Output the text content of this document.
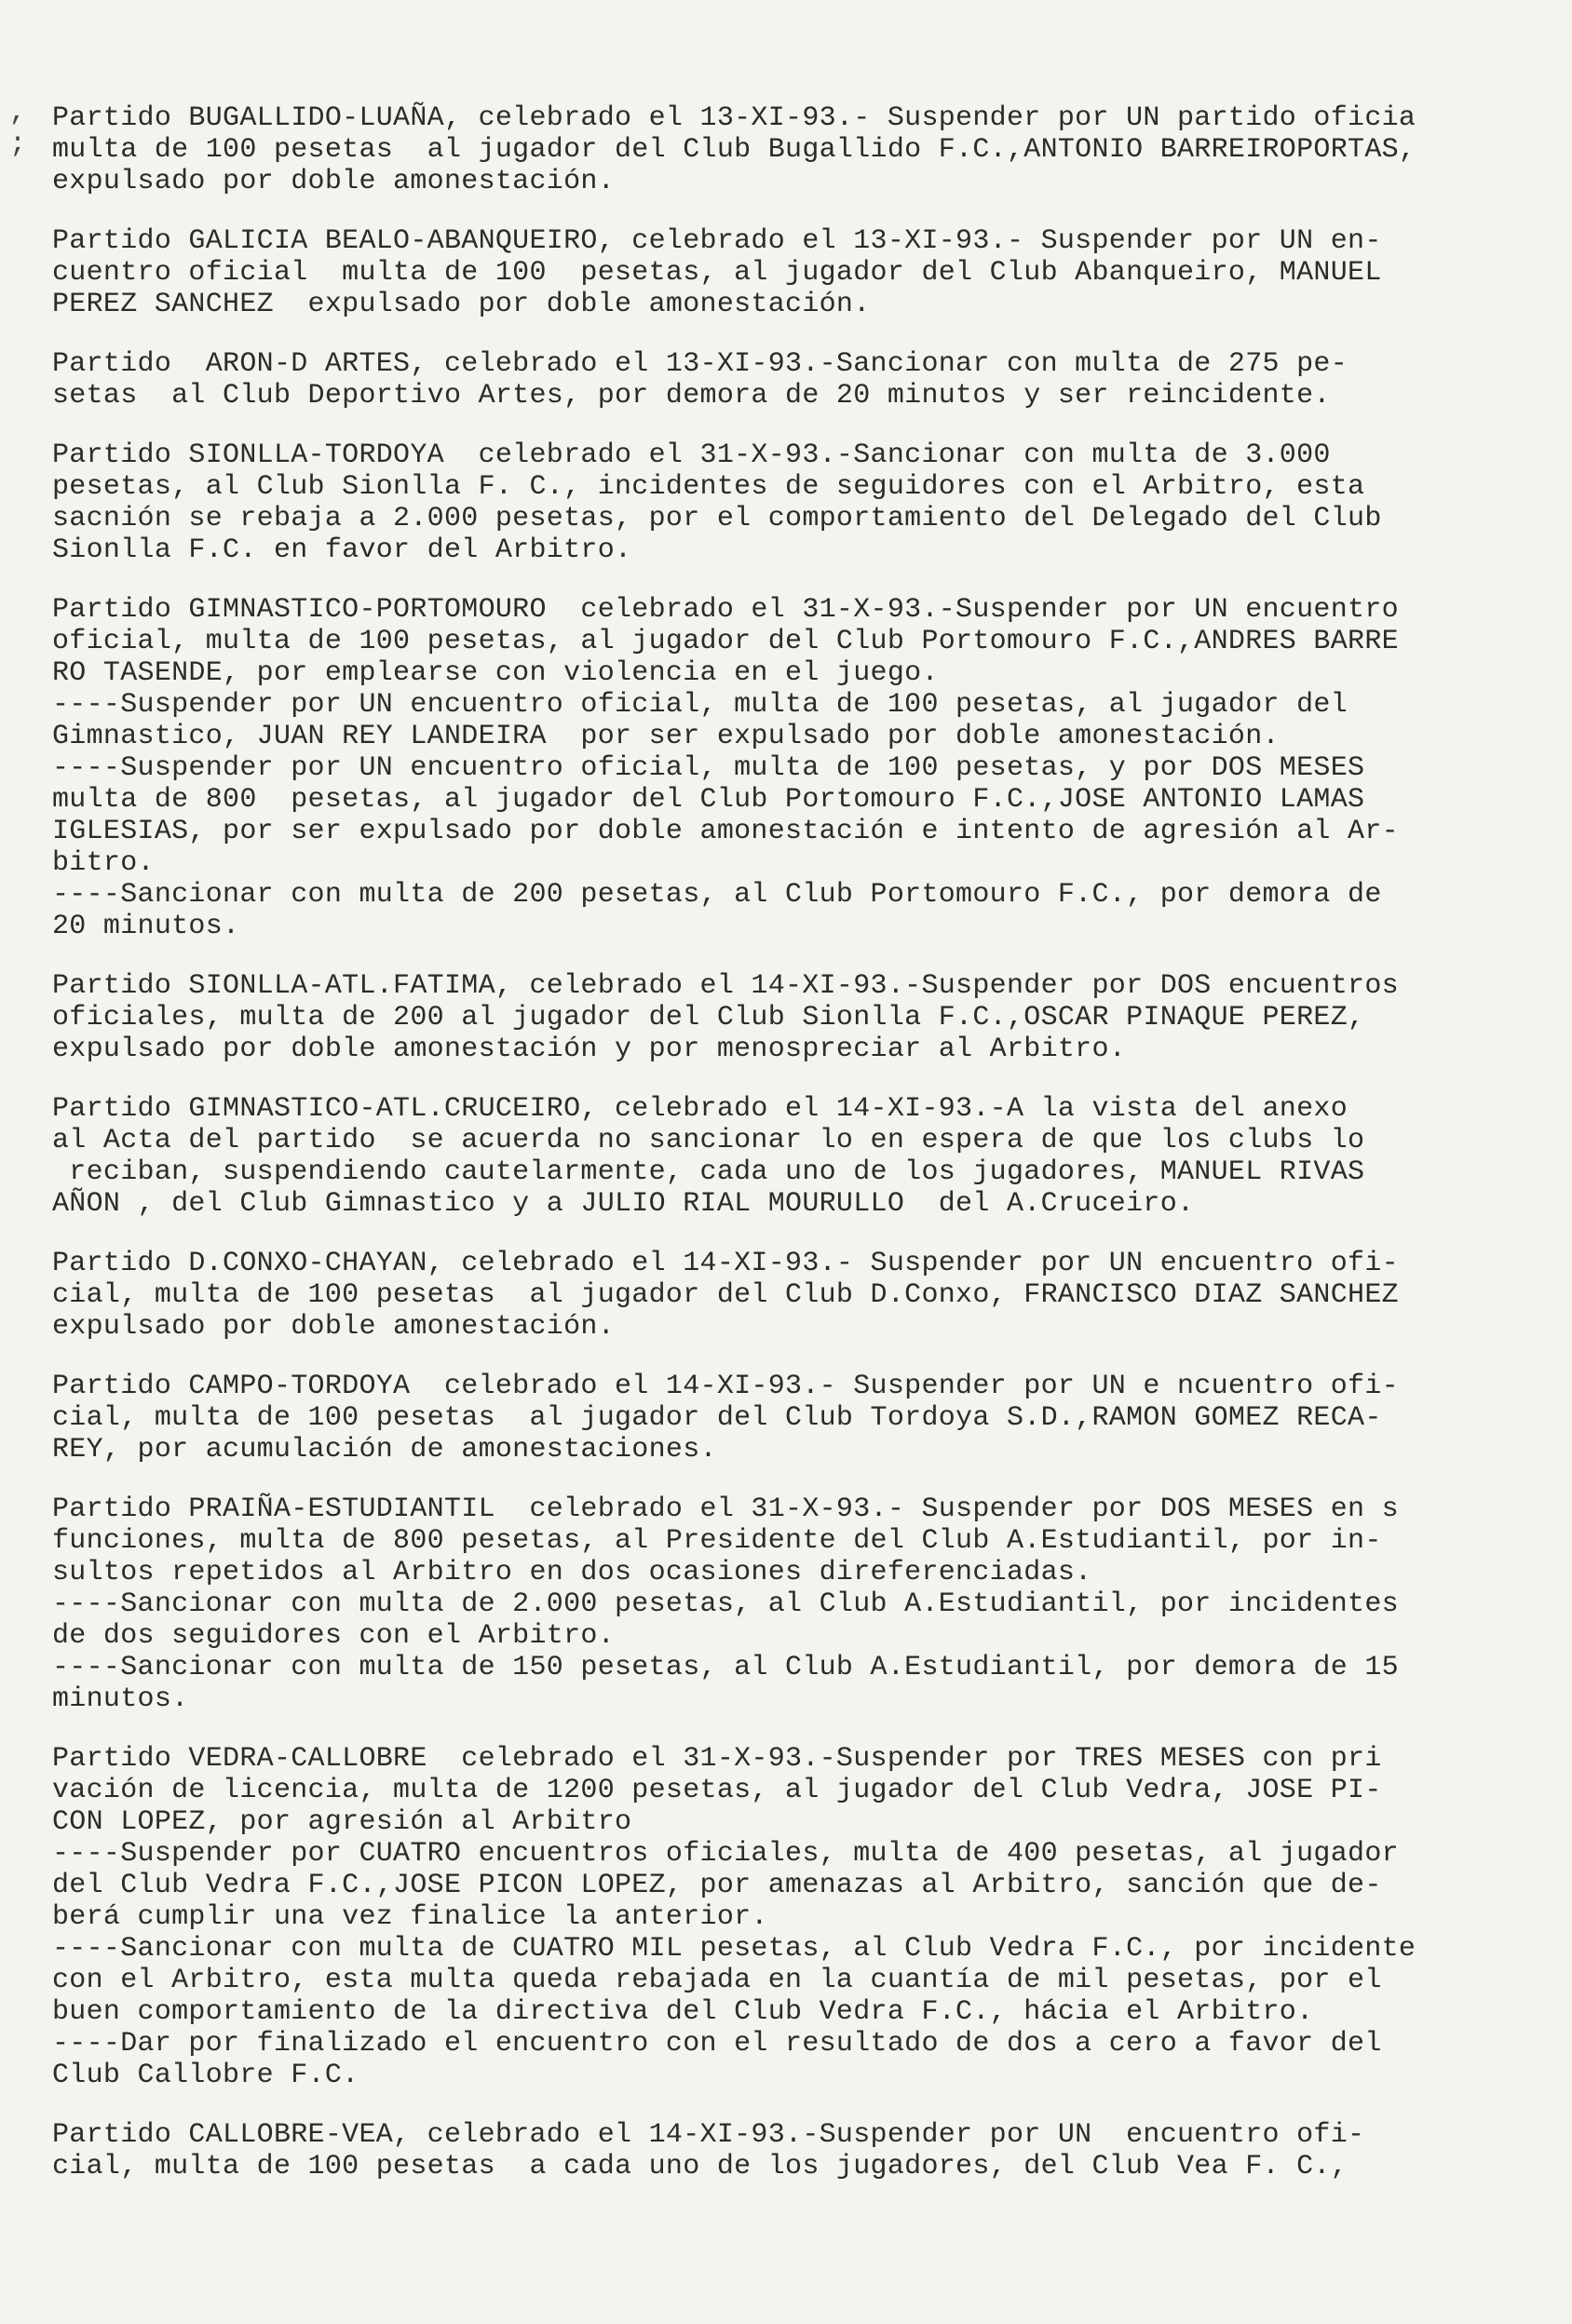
,
;
Partido BUGALLIDO-LUAÑA, celebrado el 13-XI-93.- Suspender por UN partido oficia
multa de 100 pesetas  al jugador del Club Bugallido F.C.,ANTONIO BARREIROPORTAS,
expulsado por doble amonestación.
Partido GALICIA BEALO-ABANQUEIRO, celebrado el 13-XI-93.- Suspender por UN en-
cuentro oficial  multa de 100  pesetas, al jugador del Club Abanqueiro, MANUEL
PEREZ SANCHEZ  expulsado por doble amonestación.
Partido  ARON-D ARTES, celebrado el 13-XI-93.-Sancionar con multa de 275 pe-
setas  al Club Deportivo Artes, por demora de 20 minutos y ser reincidente.
Partido SIONLLA-TORDOYA  celebrado el 31-X-93.-Sancionar con multa de 3.000
pesetas, al Club Sionlla F. C., incidentes de seguidores con el Arbitro, esta
sacnión se rebaja a 2.000 pesetas, por el comportamiento del Delegado del Club
Sionlla F.C. en favor del Arbitro.
Partido GIMNASTICO-PORTOMOURO  celebrado el 31-X-93.-Suspender por UN encuentro
oficial, multa de 100 pesetas, al jugador del Club Portomouro F.C.,ANDRES BARRE
RO TASENDE, por emplearse con violencia en el juego.
----Suspender por UN encuentro oficial, multa de 100 pesetas, al jugador del
Gimnastico, JUAN REY LANDEIRA  por ser expulsado por doble amonestación.
----Suspender por UN encuentro oficial, multa de 100 pesetas, y por DOS MESES
multa de 800  pesetas, al jugador del Club Portomouro F.C.,JOSE ANTONIO LAMAS
IGLESIAS, por ser expulsado por doble amonestación e intento de agresión al Ar-
bitro.
----Sancionar con multa de 200 pesetas, al Club Portomouro F.C., por demora de
20 minutos.
Partido SIONLLA-ATL.FATIMA, celebrado el 14-XI-93.-Suspender por DOS encuentros
oficiales, multa de 200 al jugador del Club Sionlla F.C.,OSCAR PINAQUE PEREZ,
expulsado por doble amonestación y por menospreciar al Arbitro.
Partido GIMNASTICO-ATL.CRUCEIRO, celebrado el 14-XI-93.-A la vista del anexo
al Acta del partido  se acuerda no sancionar lo en espera de que los clubs lo
reciban, suspendiendo cautelarmente, cada uno de los jugadores, MANUEL RIVAS
AÑON , del Club Gimnastico y a JULIO RIAL MOURULLO  del A.Cruceiro.
Partido D.CONXO-CHAYAN, celebrado el 14-XI-93.- Suspender por UN encuentro ofi-
cial, multa de 100 pesetas  al jugador del Club D.Conxo, FRANCISCO DIAZ SANCHEZ
expulsado por doble amonestación.
Partido CAMPO-TORDOYA  celebrado el 14-XI-93.- Suspender por UN e ncuentro ofi-
cial, multa de 100 pesetas  al jugador del Club Tordoya S.D.,RAMON GOMEZ RECA-
REY, por acumulación de amonestaciones.
Partido PRAIÑA-ESTUDIANTIL  celebrado el 31-X-93.- Suspender por DOS MESES en s
funciones, multa de 800 pesetas, al Presidente del Club A.Estudiantil, por in-
sultos repetidos al Arbitro en dos ocasiones direferenciadas.
----Sancionar con multa de 2.000 pesetas, al Club A.Estudiantil, por incidentes
de dos seguidores con el Arbitro.
----Sancionar con multa de 150 pesetas, al Club A.Estudiantil, por demora de 15
minutos.
Partido VEDRA-CALLOBRE  celebrado el 31-X-93.-Suspender por TRES MESES con pri
vación de licencia, multa de 1200 pesetas, al jugador del Club Vedra, JOSE PI-
CON LOPEZ, por agresión al Arbitro
----Suspender por CUATRO encuentros oficiales, multa de 400 pesetas, al jugador
del Club Vedra F.C.,JOSE PICON LOPEZ, por amenazas al Arbitro, sanción que de-
berá cumplir una vez finalice la anterior.
----Sancionar con multa de CUATRO MIL pesetas, al Club Vedra F.C., por incidente
con el Arbitro, esta multa queda rebajada en la cuantía de mil pesetas, por el
buen comportamiento de la directiva del Club Vedra F.C., hácia el Arbitro.
----Dar por finalizado el encuentro con el resultado de dos a cero a favor del
Club Callobre F.C.
Partido CALLOBRE-VEA, celebrado el 14-XI-93.-Suspender por UN  encuentro ofi-
cial, multa de 100 pesetas  a cada uno de los jugadores, del Club Vea F. C.,
